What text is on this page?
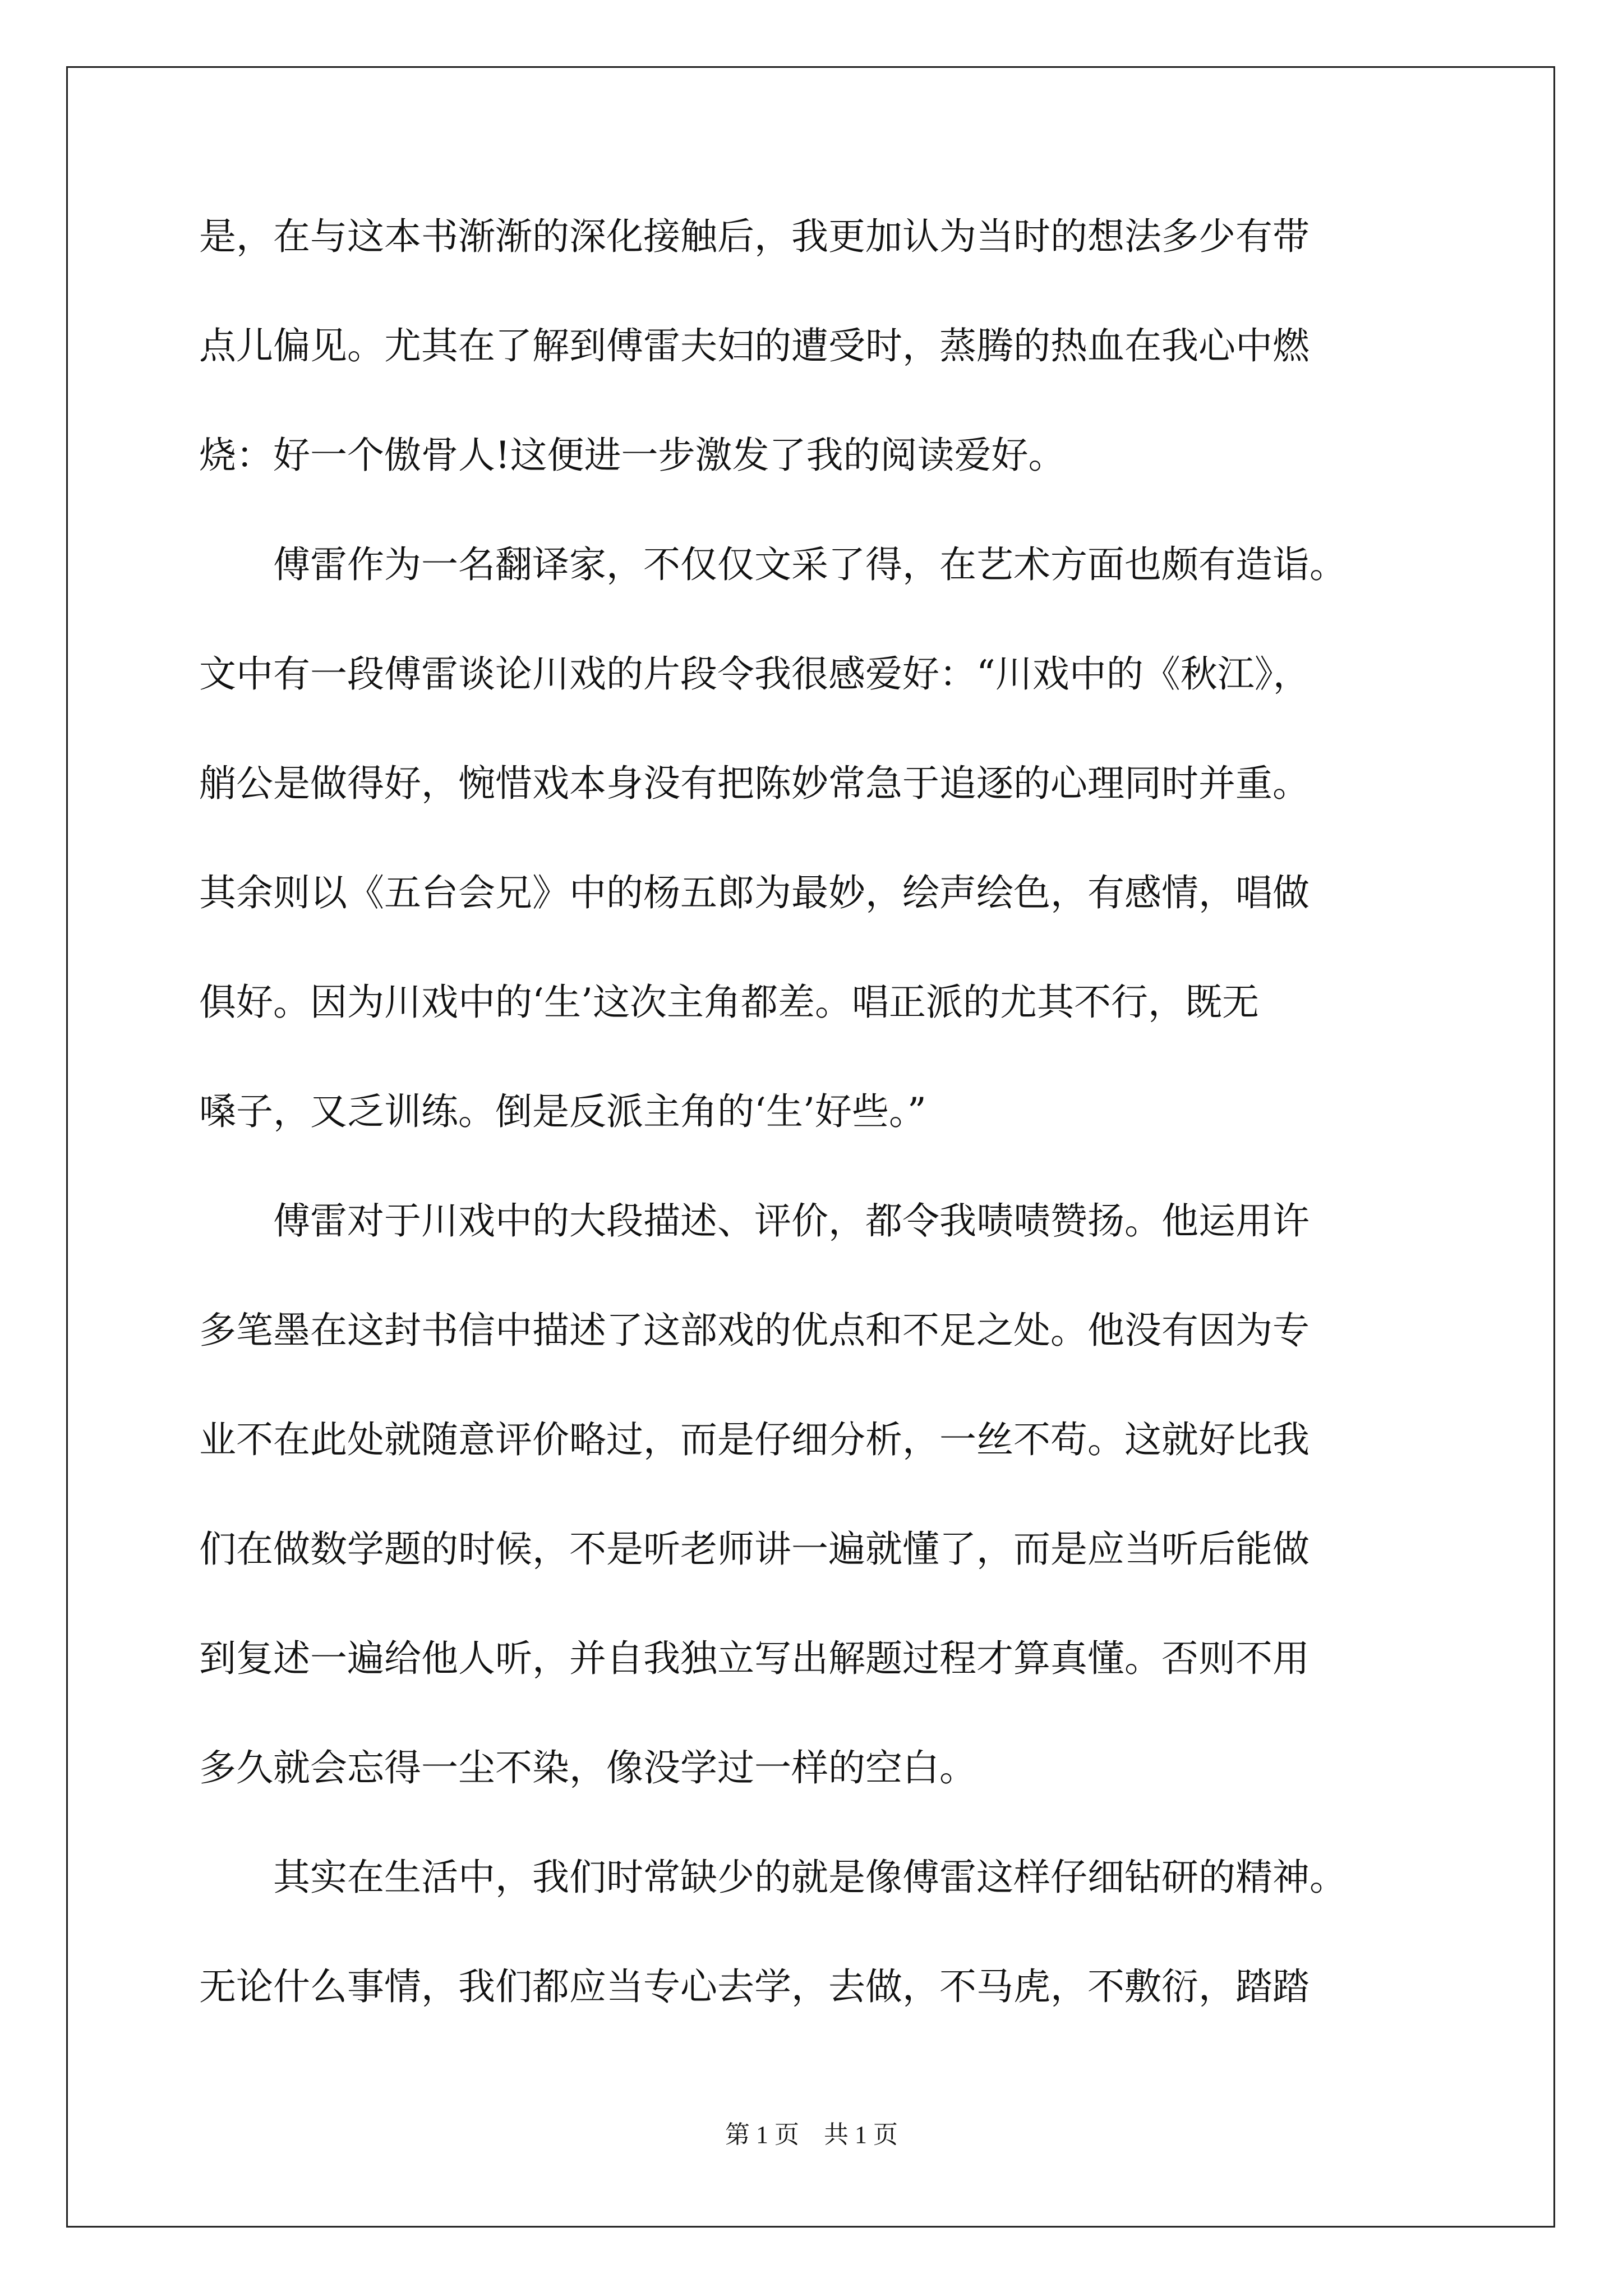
是，在与这本书渐渐的深化接触后，我更加认为当时的想法多少有带
点儿偏见。尤其在了解到傅雷夫妇的遭受时，蒸腾的热血在我心中燃
烧：好一个傲骨人!这便进一步激发了我的阅读爱好。
　　傅雷作为一名翻译家，不仅仅文采了得，在艺术方面也颇有造诣。
文中有一段傅雷谈论川戏的片段令我很感爱好：“川戏中的《秋江》，
艄公是做得好，惋惜戏本身没有把陈妙常急于追逐的心理同时并重。
其余则以《五台会兄》中的杨五郎为最妙，绘声绘色，有感情，唱做
俱好。因为川戏中的‘生’这次主角都差。唱正派的尤其不行，既无
嗓子，又乏训练。倒是反派主角的‘生’好些。”
　　傅雷对于川戏中的大段描述、评价，都令我啧啧赞扬。他运用许
多笔墨在这封书信中描述了这部戏的优点和不足之处。他没有因为专
业不在此处就随意评价略过，而是仔细分析，一丝不苟。这就好比我
们在做数学题的时候，不是听老师讲一遍就懂了，而是应当听后能做
到复述一遍给他人听，并自我独立写出解题过程才算真懂。否则不用
多久就会忘得一尘不染，像没学过一样的空白。
　　其实在生活中，我们时常缺少的就是像傅雷这样仔细钻研的精神。
无论什么事情，我们都应当专心去学，去做，不马虎，不敷衍，踏踏
第 1 页　共 1 页
